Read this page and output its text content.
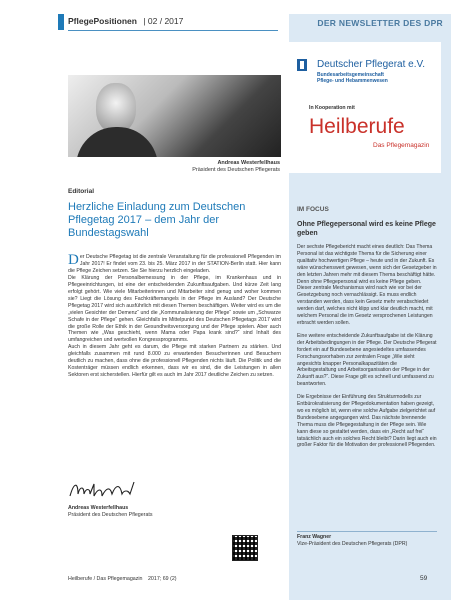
PflegePositionen | 02 / 2017
Andreas Westerfellhaus
Präsident des Deutschen Pflegerats
Editorial
Herzliche Einladung zum Deutschen Pflegetag 2017 – dem Jahr der Bundestagswahl

Der Deutsche Pflegetag ist die zentrale Veranstaltung für die professionell Pflegenden im Jahr 2017! Er findet vom 23. bis 25. März 2017 in der STATION-Berlin statt. Hier kann die Pflege Zeichen setzen. Sie Sie hierzu herzlich eingeladen.

Die Klärung der Personalbemessung in der Pflege, im Krankenhaus und in Pflegeeinrichtungen, ist eine der entscheidenden Zukunftsaufgaben. Und kürze Zeit lang erfolgt gehört. Wie viele Mitarbeiterinnen und Mitarbeiter sind genug und woher kommen sie? Liegt die Lösung des Fachkräftemangels in der Pflege im Ausland? Der Deutsche Pflegetag 2017 wird sich ausführlich mit diesen Themen beschäftigen. Weiter wird es um die „vielen Gesichter der Demenz“ und die „Kommunalisierung der Pflege“ sowie um „Schwarze Schafe in der Pflege“ gehen. Gleichfalls im Mittelpunkt des Deutschen Pflegetags 2017 wird die große Rolle der Ethik in der Gesundheitsversorgung und der Pflege spielen. Aber auch Themen wie „Was geschieht, wenn Mama oder Papa krank sind?“ sind Inhalt des umfangreichen und wertvollen Kongressprogramms.

Auch in diesem Jahr geht es darum, die Pflege mit starken Partnern zu stärken. Und gleichfalls zusammen mit rund 8.000 zu erwartenden Besucherinnen und Besuchern deutlich zu machen, dass ohne die professionell Pflegenden nichts läuft. Die Politik und die Kostenträger müssen endlich erkennen, dass wir es sind, die die Leistungen in allen Sektoren erst sicherstellen. Hierfür gilt es auch im Jahr 2017 deutliche Zeichen zu setzen.

Andreas Westerfellhaus
Präsident des Deutschen Pflegerats
Heilberufe / Das Pflegemagazin 2017; 69 (2)
DER NEWSLETTER DES DPR
Deutscher Pflegerat e.V.
Bundesarbeitsgemeinschaft
Pflege- und Hebammenwesen
In Kooperation mit
Heilberufe
Das Pflegemagazin
IM FOCUS
Ohne Pflegepersonal wird es keine Pflege geben

Der sechste Pflegebericht macht eines deutlich: Das Thema Personal ist das wichtigste Thema für die Sicherung einer qualitativ hochwertigen Pflege – heute und in der Zukunft. Es wäre wünschenswert gewesen, wenn sich der Gesetzgeber in den letzten Jahren mehr mit diesem Thema beschäftigt hätte. Denn ohne Pflegepersonal wird es keine Pflege geben. Dieser zentrale Mechanismus wird nach wie vor bei der Gesetzgebung noch vernachlässigt. Es muss endlich verstanden werden, dass kein Gesetz mehr verabschiedet werden darf, welches nicht klipp und klar deutlich macht, mit welchem Personal die im Gesetz versprochenen Leistungen erbracht werden sollen.

Eine weitere entscheidende Zukunftsaufgabe ist die Klärung der Arbeitsbedingungen in der Pflege. Der Deutsche Pflegerat fordert ein auf Bundesebene angesiedeltes umfassendes Forschungsvorhaben zur zentralen Frage „Wie sieht angesichts knapper Personalkapazitäten die Arbeitsgestaltung und Arbeitsorganisation der Pflege in der Zukunft aus?“. Diese Frage gilt es schnell und umfassend zu beantworten.

Die Ergebnisse der Einführung des Strukturmodells zur Entbürokratisierung der Pflegedokumentation haben gezeigt, wo es möglich ist, wenn eine solche Aufgabe zielgerichtet auf Bundesebene angegangen wird. Das nächste brennende Thema muss die Pflegegestaltung in der Pflege sein. Wie kann diese so gestaltet werden, dass ein „Recht auf frei“ tatsächlich auch ein solches Recht bleibt? Darin liegt auch ein großer Faktor für die Motivation der professionell Pflegenden.

Franz Wagner
Vize-Präsident des Deutschen Pflegerats (DPR)
59
